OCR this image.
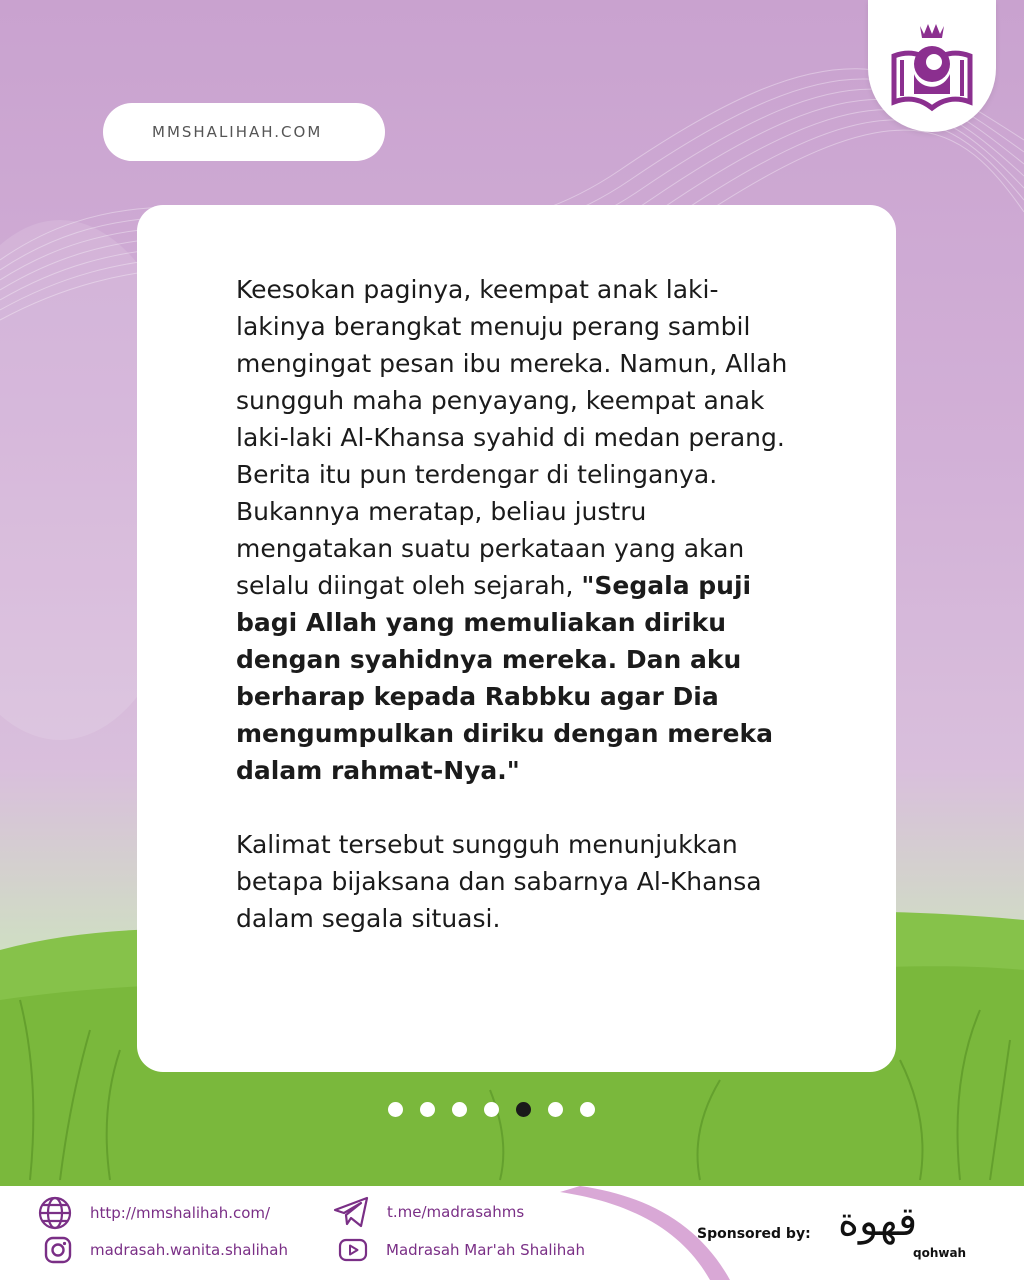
MMSHALIHAH.COM

Keesokan paginya, keempat anak laki-lakinya berangkat menuju perang sambil mengingat pesan ibu mereka. Namun, Allah sungguh maha penyayang, keempat anak laki-laki Al-Khansa syahid di medan perang. Berita itu pun terdengar di telinganya. Bukannya meratap, beliau justru mengatakan suatu perkataan yang akan selalu diingat oleh sejarah, "Segala puji bagi Allah yang memuliakan diriku dengan syahidnya mereka. Dan aku berharap kepada Rabbku agar Dia mengumpulkan diriku dengan mereka dalam rahmat-Nya."

Kalimat tersebut sungguh menunjukkan betapa bijaksana dan sabarnya Al-Khansa dalam segala situasi.

http://mmshalihah.com/
madrasah.wanita.shalihah
t.me/madrasahms
Madrasah Mar'ah Shalihah
Sponsored by: قهوة
qohwah
